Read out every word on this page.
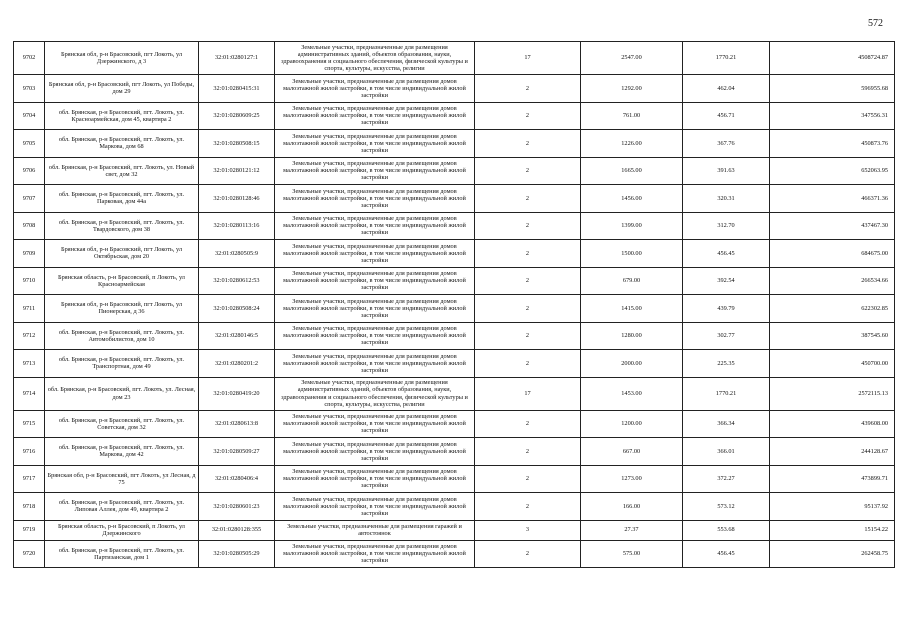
572
9702	Брянская обл, р-н Брасовский, пгт Локоть, ул Дзержинского, д 3	32:01:0280127:1	Земельные участки, предназначенные для размещения административных зданий, объектов образования, науки, здравоохранения и социального обеспечения, физической культуры и спорта, культуры, искусства, религии	17	2547.00	1770.21	4508724.87
9703	Брянская обл, р-н Брасовский, пгт Локоть, ул Победы, дом 29	32:01:0280415:31	Земельные участки, предназначенные для размещения домов малоэтажной жилой застройки, в том числе индивидуальной жилой застройки	2	1292.00	462.04	596955.68
9704	обл. Брянская, р-н Брасовский, пгт. Локоть, ул. Красноармейская, дом 45, квартира 2	32:01:0280609:25	Земельные участки, предназначенные для размещения домов малоэтажной жилой застройки, в том числе индивидуальной жилой застройки	2	761.00	456.71	347556.31
9705	обл. Брянская, р-н Брасовский, пгт. Локоть, ул. Маркова, дом 68	32:01:0280508:15	Земельные участки, предназначенные для размещения домов малоэтажной жилой застройки, в том числе индивидуальной жилой застройки	2	1226.00	367.76	450873.76
9706	обл. Брянская, р-н Брасовский, пгт. Локоть, ул. Новый свет, дом 32	32:01:0280121:12	Земельные участки, предназначенные для размещения домов малоэтажной жилой застройки, в том числе индивидуальной жилой застройки	2	1665.00	391.63	652063.95
9707	обл. Брянская, р-н Брасовский, пгт. Локоть, ул. Парковая, дом 44а	32:01:0280128:46	Земельные участки, предназначенные для размещения домов малоэтажной жилой застройки, в том числе индивидуальной жилой застройки	2	1456.00	320.31	466371.36
9708	обл. Брянская, р-н Брасовский, пгт. Локоть, ул. Твардовского, дом 38	32:01:0280113:16	Земельные участки, предназначенные для размещения домов малоэтажной жилой застройки, в том числе индивидуальной жилой застройки	2	1399.00	312.70	437467.30
9709	Брянская обл, р-н Брасовский, пгт Локоть, ул Октябрьская, дом 20	32:01:0280505:9	Земельные участки, предназначенные для размещения домов малоэтажной жилой застройки, в том числе индивидуальной жилой застройки	2	1500.00	456.45	684675.00
9710	Брянская область, р-н Брасовский, п Локоть, ул Красноармейская	32:01:0280612:53	Земельные участки, предназначенные для размещения домов малоэтажной жилой застройки, в том числе индивидуальной жилой застройки	2	679.00	392.54	266534.66
9711	Брянская обл, р-н Брасовский, пгт Локоть, ул Пионерская, д 36	32:01:0280508:24	Земельные участки, предназначенные для размещения домов малоэтажной жилой застройки, в том числе индивидуальной жилой застройки	2	1415.00	439.79	622302.85
9712	обл. Брянская, р-н Брасовский, пгт. Локоть, ул. Автомобилистов, дом 10	32:01:0280146:5	Земельные участки, предназначенные для размещения домов малоэтажной жилой застройки, в том числе индивидуальной жилой застройки	2	1280.00	302.77	387545.60
9713	обл. Брянская, р-н Брасовский, пгт. Локоть, ул. Транспортная, дом 49	32:01:0280201:2	Земельные участки, предназначенные для размещения домов малоэтажной жилой застройки, в том числе индивидуальной жилой застройки	2	2000.00	225.35	450700.00
9714	обл. Брянская, р-н Брасовский, пгт. Локоть, ул. Лесная, дом 23	32:01:0280419:20	Земельные участки, предназначенные для размещения административных зданий, объектов образования, науки, здравоохранения и социального обеспечения, физической культуры и спорта, культуры, искусства, религии	17	1453.00	1770.21	2572115.13
9715	обл. Брянская, р-н Брасовский, пгт. Локоть, ул. Советская, дом 32	32:01:0280613:8	Земельные участки, предназначенные для размещения домов малоэтажной жилой застройки, в том числе индивидуальной жилой застройки	2	1200.00	366.34	439608.00
9716	обл. Брянская, р-н Брасовский, пгт. Локоть, ул. Маркова, дом 42	32:01:0280509:27	Земельные участки, предназначенные для размещения домов малоэтажной жилой застройки, в том числе индивидуальной жилой застройки	2	667.00	366.01	244128.67
9717	Брянская обл, р-н Брасовский, пгт Локоть, ул Лесная, д 75	32:01:0280406:4	Земельные участки, предназначенные для размещения домов малоэтажной жилой застройки, в том числе индивидуальной жилой застройки	2	1273.00	372.27	473899.71
9718	обл. Брянская, р-н Брасовский, пгт. Локоть, ул. Липовая Аллея, дом 49, квартира 2	32:01:0280601:23	Земельные участки, предназначенные для размещения домов малоэтажной жилой застройки, в том числе индивидуальной жилой застройки	2	166.00	573.12	95137.92
9719	Брянская область, р-н Брасовский, п Локоть, ул Дзержинского	32:01:0280128:355	Земельные участки, предназначенные для размещения гаражей и автостоянок	3	27.37	553.68	15154.22
9720	обл. Брянская, р-н Брасовский, пгт. Локоть, ул. Партизанская, дом 1	32:01:0280505:29	Земельные участки, предназначенные для размещения домов малоэтажной жилой застройки, в том числе индивидуальной жилой застройки	2	575.00	456.45	262458.75
